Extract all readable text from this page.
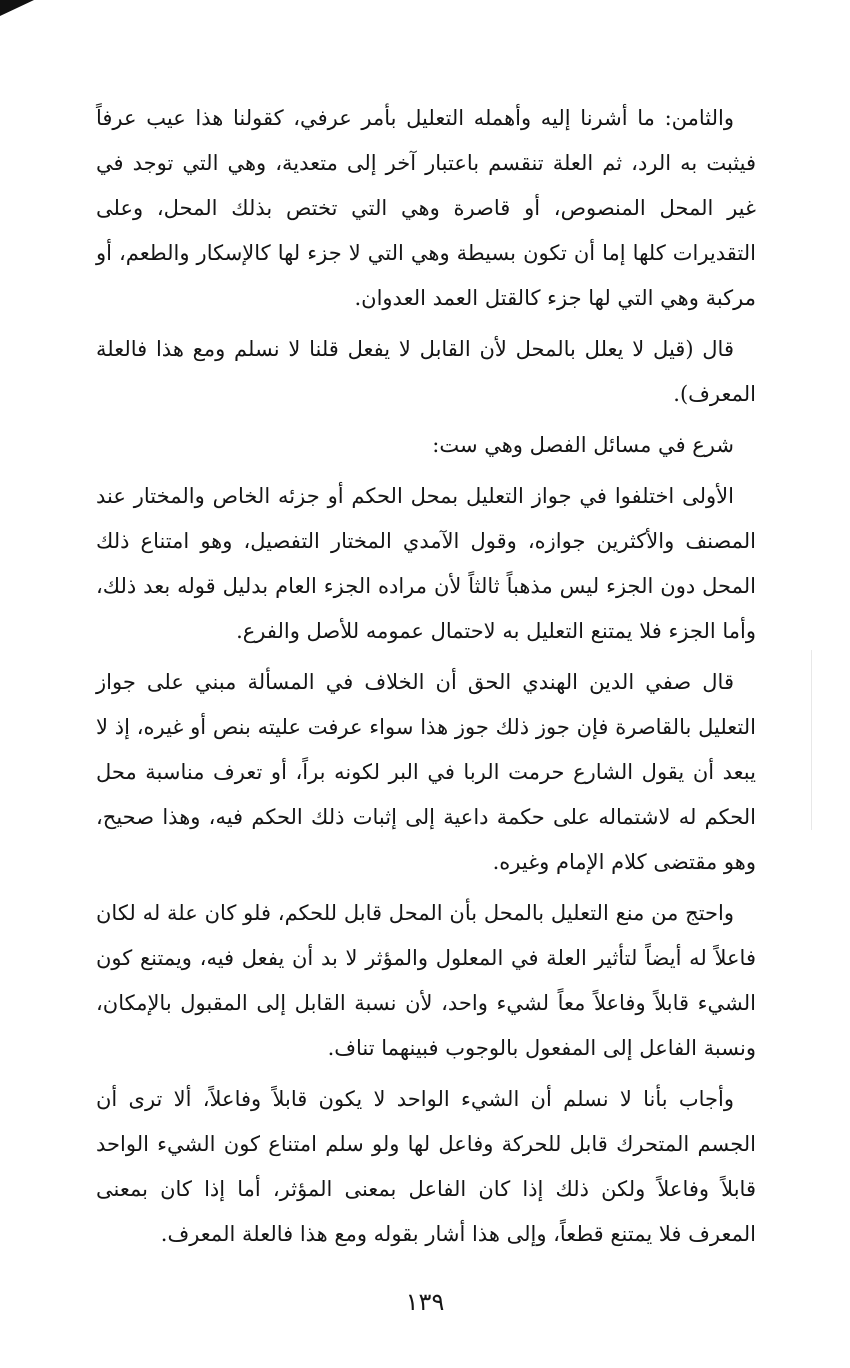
والثامن: ما أشرنا إليه وأهمله التعليل بأمر عرفي، كقولنا هذا عيب عرفاً فيثبت به الرد، ثم العلة تنقسم باعتبار آخر إلى متعدية، وهي التي توجد في غير المحل المنصوص، أو قاصرة وهي التي تختص بذلك المحل، وعلى التقديرات كلها إما أن تكون بسيطة وهي التي لا جزء لها كالإسكار والطعم، أو مركبة وهي التي لها جزء كالقتل العمد العدوان.

قال (قيل لا يعلل بالمحل لأن القابل لا يفعل قلنا لا نسلم ومع هذا فالعلة المعرف).

شرع في مسائل الفصل وهي ست:

الأولى اختلفوا في جواز التعليل بمحل الحكم أو جزئه الخاص والمختار عند المصنف والأكثرين جوازه، وقول الآمدي المختار التفصيل، وهو امتناع ذلك المحل دون الجزء ليس مذهباً ثالثاً لأن مراده الجزء العام بدليل قوله بعد ذلك، وأما الجزء فلا يمتنع التعليل به لاحتمال عمومه للأصل والفرع.

قال صفي الدين الهندي الحق أن الخلاف في المسألة مبني على جواز التعليل بالقاصرة فإن جوز ذلك جوز هذا سواء عرفت عليته بنص أو غيره، إذ لا يبعد أن يقول الشارع حرمت الربا في البر لكونه براً، أو تعرف مناسبة محل الحكم له لاشتماله على حكمة داعية إلى إثبات ذلك الحكم فيه، وهذا صحيح، وهو مقتضى كلام الإمام وغيره.

واحتج من منع التعليل بالمحل بأن المحل قابل للحكم، فلو كان علة له لكان فاعلاً له أيضاً لتأثير العلة في المعلول والمؤثر لا بد أن يفعل فيه، ويمتنع كون الشيء قابلاً وفاعلاً معاً لشيء واحد، لأن نسبة القابل إلى المقبول بالإمكان، ونسبة الفاعل إلى المفعول بالوجوب فبينهما تناف.

وأجاب بأنا لا نسلم أن الشيء الواحد لا يكون قابلاً وفاعلاً، ألا ترى أن الجسم المتحرك قابل للحركة وفاعل لها ولو سلم امتناع كون الشيء الواحد قابلاً وفاعلاً ولكن ذلك إذا كان الفاعل بمعنى المؤثر، أما إذا كان بمعنى المعرف فلا يمتنع قطعاً، وإلى هذا أشار بقوله ومع هذا فالعلة المعرف.

١٣٩
